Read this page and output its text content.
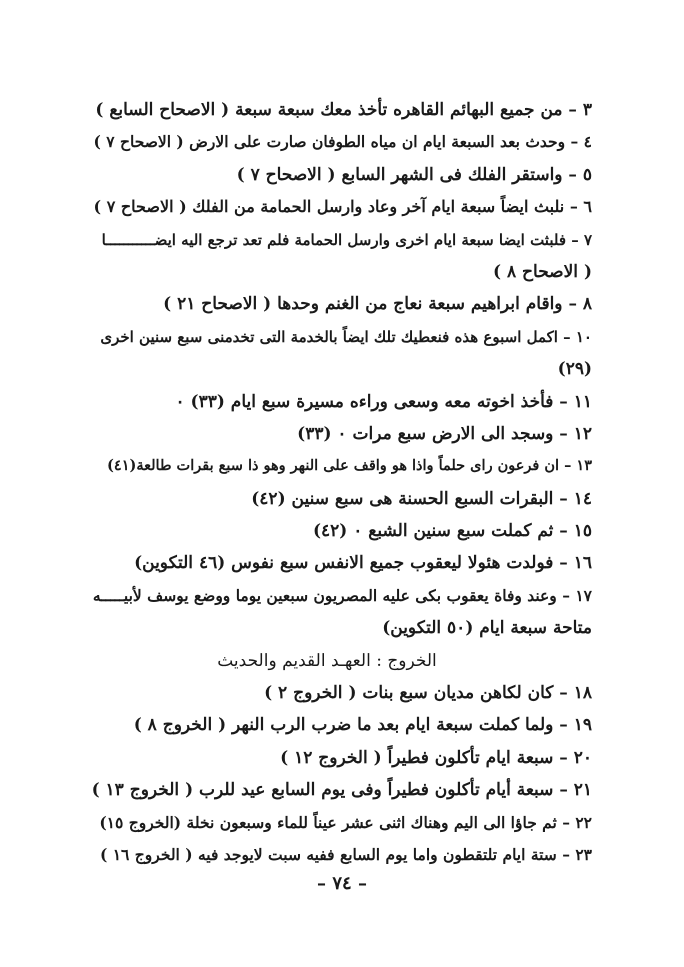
٣ – من جميع البهائم القاهره تأخذ معك سبعة سبعة ( الاصحاح السابع )
٤ – وحدث بعد السبعة ايام ان مياه الطوفان صارت على الارض ( الاصحاح ٧ )
٥ – واستقر الفلك فى الشهر السابع ( الاصحاح ٧ )
٦ – نلبث ايضاً سبعة ايام آخر وعاد وارسل الحمامة من الفلك ( الاصحاح ٧ )
٧ – فلبثت ايضا سبعة ايام اخرى وارسل الحمامة فلم تعد ترجع اليه ايضـــــــــــا
( الاصحاح ٨ )
٨ – واقام ابراهيم سبعة نعاج من الغنم وحدها ( الاصحاح ٢١ )
١٠ – اكمل اسبوع هذه فنعطيك تلك ايضاً بالخدمة التى تخدمنى سبع سنين اخرى
(٢٩)
١١ – فأخذ اخوته معه وسعى وراءه مسيرة سبع ايام (٣٣) ٠
١٢ – وسجد الى الارض سبع مرات ٠ (٣٣)
١٣ – ان فرعون راى حلماً واذا هو واقف على النهر وهو ذا سبع بقرات طالعة(٤١)
١٤ – البقرات السبع الحسنة هى سبع سنين (٤٢)
١٥ – ثم كملت سبع سنين الشبع ٠ (٤٢)
١٦ – فولدت هئولا ليعقوب جميع الانفس سبع نفوس (٤٦ التكوين)
١٧ – وعند وفاة يعقوب بكى عليه المصريون سبعين يوما ووضع يوسف لأبيـــــه
متاحة سبعة ايام (٥٠ التكوين)
الخروج : العهـد القديم والحديث
١٨ – كان لكاهن مديان سبع بنات ( الخروج ٢ )
١٩ – ولما كملت سبعة ايام بعد ما ضرب الرب النهر ( الخروج ٨ )
٢٠ – سبعة ايام تأكلون فطيراً ( الخروج ١٢ )
٢١ – سبعة أيام تأكلون فطيراً وفى يوم السابع عيد للرب ( الخروج ١٣ )
٢٢ – ثم جاؤا الى اليم وهناك اثنى عشر عيناً للماء وسبعون نخلة (الخروج ١٥)
٢٣ – ستة ايام تلتقطون واما يوم السابع ففيه سبت لايوجد فيه ( الخروج ١٦ )
– ٧٤ –
